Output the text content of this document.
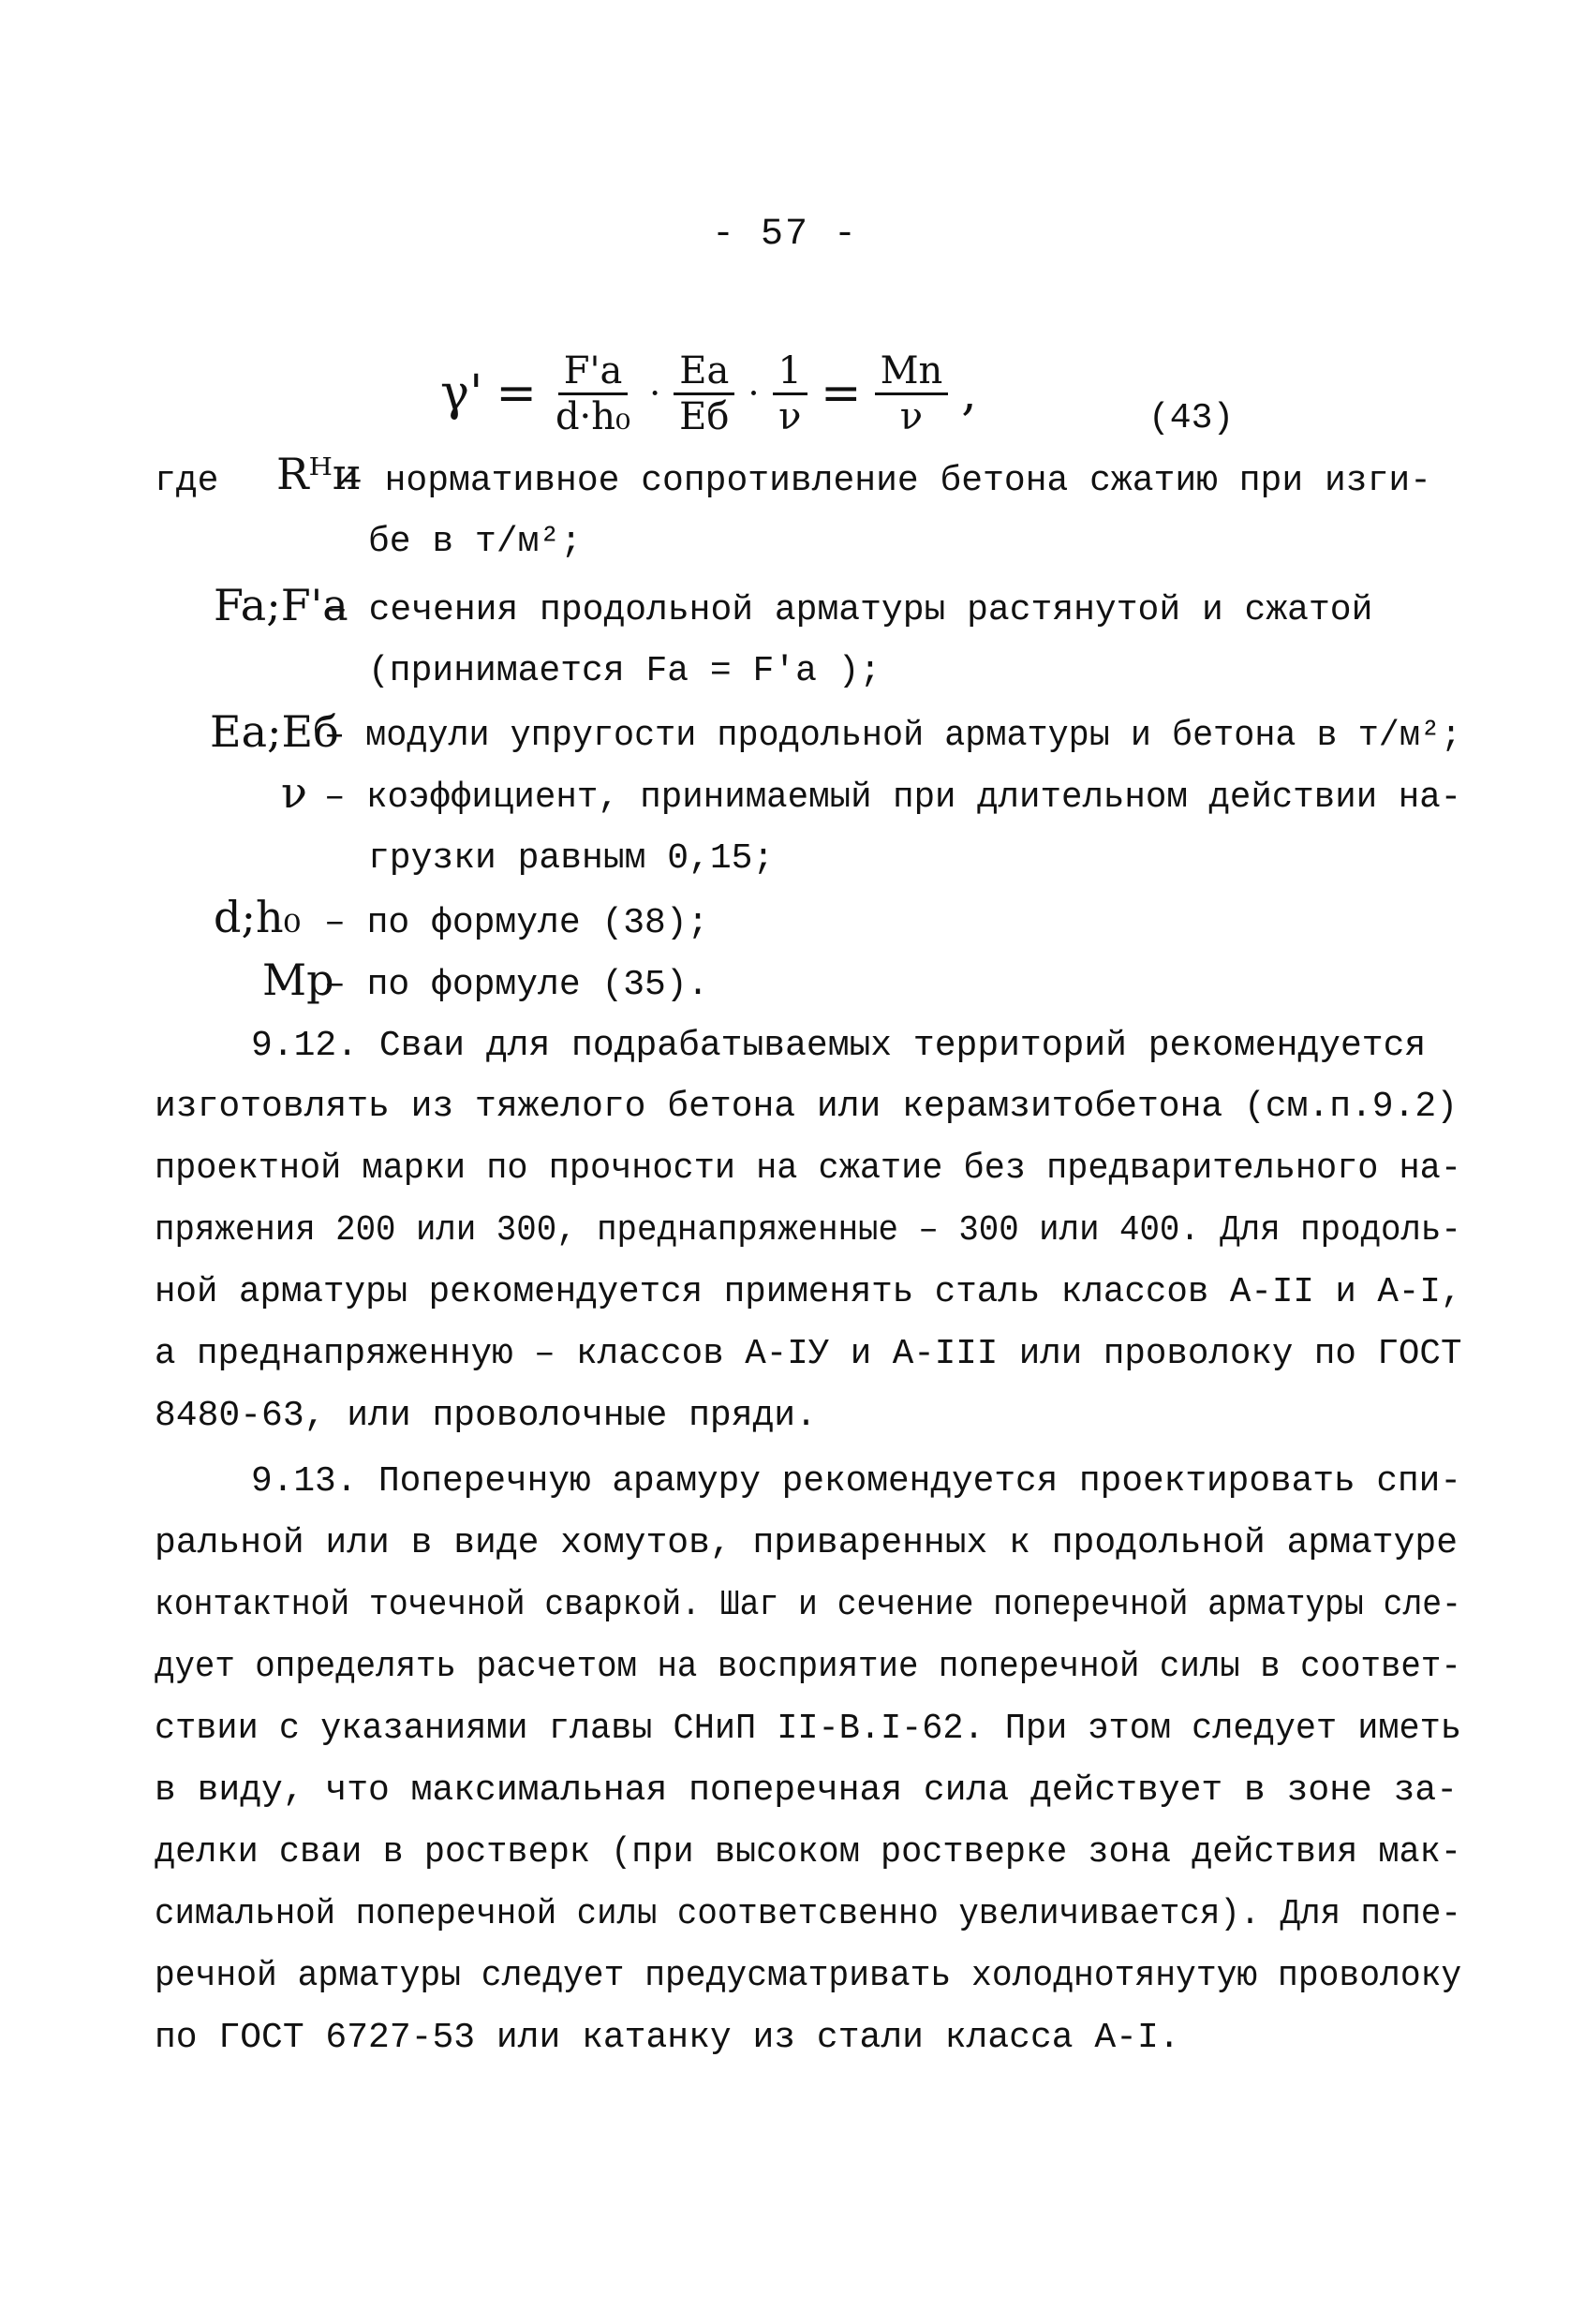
- 57 -
$\gamma' = \frac{F'a}{\text{d·h₀}} \cdot \frac{Ea}{Eб} \cdot \frac{1}{\nu} = \frac{Mn}{\nu}$ ,	(43)
где Rᴴи
– нормативное сопротивление бетона сжатию при изги-
бе в т/м²;
Fa;F'a
– сечения продольной арматуры растянутой и сжатой
(принимается Fa = F'a );
Ea;Eб
– модули упругости продольной арматуры и бетона в т/м²;
ν – коэффициент, принимаемый при длительном действии на-
грузки равным 0,15;
d;h₀ – по формуле (38);
Mp
– по формуле (35).
9.12. Сваи для подрабатываемых территорий рекомендуется
изготовлять из тяжелого бетона или керамзитобетона (см.п.9.2)
проектной марки по прочности на сжатие без предварительного на-
пряжения 200 или 300, преднапряженные – 300 или 400. Для продоль-
ной арматуры рекомендуется применять сталь классов А-II и А-I,
а преднапряженную – классов А-IУ и А-III или проволоку по ГОСТ
8480-63, или проволочные пряди.
9.13. Поперечную арамуру рекомендуется проектировать спи-
ральной или в виде хомутов, приваренных к продольной арматуре
контактной точечной сваркой. Шаг и сечение поперечной арматуры сле-
дует определять расчетом на восприятие поперечной силы в соответ-
ствии с указаниями главы СНиП II-В.I-62. При этом следует иметь
в виду, что максимальная поперечная сила действует в зоне за-
делки сваи в ростверк (при высоком ростверке зона действия мак-
симальной поперечной силы соответсвенно увеличивается). Для попе-
речной арматуры следует предусматривать холоднотянутую проволоку
по ГОСТ 6727-53 или катанку из стали класса А-I.
